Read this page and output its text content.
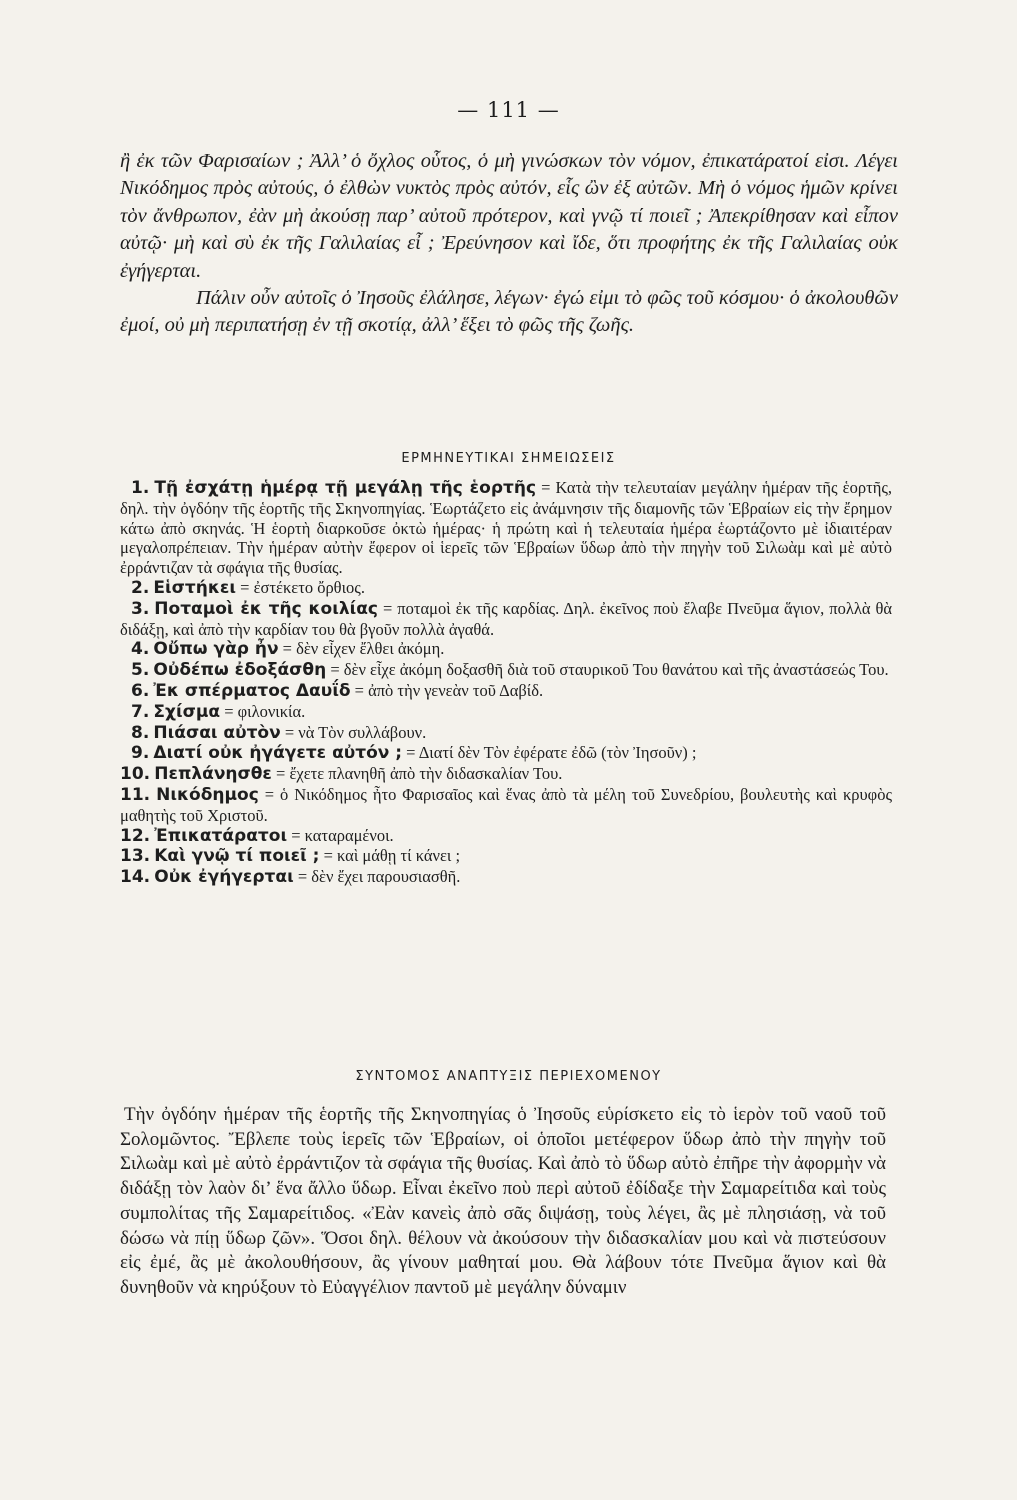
— 111 —

ἢ ἐκ τῶν Φαρισαίων ; Ἀλλ’ ὁ ὄχλος οὗτος, ὁ μὴ γινώσκων τὸν νόμον, ἐπικατάρατοί εἰσι. Λέγει Νικόδημος πρὸς αὐτούς, ὁ ἐλθὼν νυκτὸς πρὸς αὐτόν, εἷς ὢν ἐξ αὐτῶν. Μὴ ὁ νόμος ἡμῶν κρίνει τὸν ἄνθρωπον, ἐὰν μὴ ἀκούσῃ παρ’ αὐτοῦ πρότερον, καὶ γνῷ τί ποιεῖ ; Ἀπεκρίθησαν καὶ εἶπον αὐτῷ· μὴ καὶ σὺ ἐκ τῆς Γαλιλαίας εἶ ; Ἐρεύνησον καὶ ἴδε, ὅτι προφήτης ἐκ τῆς Γαλιλαίας οὐκ ἐγήγερται.

Πάλιν οὖν αὐτοῖς ὁ Ἰησοῦς ἐλάλησε, λέγων· ἐγώ εἰμι τὸ φῶς τοῦ κόσμου· ὁ ἀκολουθῶν ἐμοί, οὐ μὴ περιπατήσῃ ἐν τῇ σκοτίᾳ, ἀλλ’ ἕξει τὸ φῶς τῆς ζωῆς.

ΕΡΜΗΝΕΥΤΙΚΑΙ ΣΗΜΕΙΩΣΕΙΣ

1. Τῇ ἐσχάτῃ ἡμέρᾳ τῇ μεγάλῃ τῆς ἑορτῆς = Κατὰ τὴν τελευταίαν μεγάλην ἡμέραν τῆς ἑορτῆς, δηλ. τὴν ὀγδόην τῆς ἑορτῆς τῆς Σκηνοπηγίας. Ἑωρτάζετο εἰς ἀνάμνησιν τῆς διαμονῆς τῶν Ἑβραίων εἰς τὴν ἔρημον κάτω ἀπὸ σκηνάς. Ἡ ἑορτὴ διαρκοῦσε ὀκτὼ ἡμέρας· ἡ πρώτη καὶ ἡ τελευταία ἡμέρα ἑωρτάζοντο μὲ ἰδιαιτέραν μεγαλοπρέπειαν. Τὴν ἡμέραν αὐτὴν ἔφερον οἱ ἱερεῖς τῶν Ἑβραίων ὕδωρ ἀπὸ τὴν πηγὴν τοῦ Σιλωὰμ καὶ μὲ αὐτὸ ἐρράντιζαν τὰ σφάγια τῆς θυσίας.

2. Εἱστήκει = ἐστέκετο ὄρθιος.

3. Ποταμοὶ ἐκ τῆς κοιλίας = ποταμοὶ ἐκ τῆς καρδίας. Δηλ. ἐκεῖνος ποὺ ἔλαβε Πνεῦμα ἅγιον, πολλὰ θὰ διδάξῃ, καὶ ἀπὸ τὴν καρδίαν του θὰ βγοῦν πολλὰ ἀγαθά.

4. Οὔπω γὰρ ἦν = δὲν εἶχεν ἔλθει ἀκόμη.

5. Οὐδέπω ἐδοξάσθη = δὲν εἶχε ἀκόμη δοξασθῆ διὰ τοῦ σταυρικοῦ Του θανάτου καὶ τῆς ἀναστάσεώς Του.

6. Ἐκ σπέρματος Δαυΐδ = ἀπὸ τὴν γενεὰν τοῦ Δαβίδ.

7. Σχίσμα = φιλονικία.

8. Πιάσαι αὐτὸν = νὰ Τὸν συλλάβουν.

9. Διατί οὐκ ἠγάγετε αὐτόν ; = Διατί δὲν Τὸν ἐφέρατε ἐδῶ (τὸν Ἰησοῦν) ;

10. Πεπλάνησθε = ἔχετε πλανηθῆ ἀπὸ τὴν διδασκαλίαν Του.

11. Νικόδημος = ὁ Νικόδημος ἦτο Φαρισαῖος καὶ ἕνας ἀπὸ τὰ μέλη τοῦ Συνεδρίου, βουλευτὴς καὶ κρυφὸς μαθητὴς τοῦ Χριστοῦ.

12. Ἐπικατάρατοι = καταραμένοι.

13. Καὶ γνῷ τί ποιεῖ ; = καὶ μάθῃ τί κάνει ;

14. Οὐκ ἐγήγερται = δὲν ἔχει παρουσιασθῆ.

ΣΥΝΤΟΜΟΣ ΑΝΑΠΤΥΞΙΣ ΠΕΡΙΕΧΟΜΕΝΟΥ

Τὴν ὀγδόην ἡμέραν τῆς ἑορτῆς τῆς Σκηνοπηγίας ὁ Ἰησοῦς εὑρίσκετο εἰς τὸ ἱερὸν τοῦ ναοῦ τοῦ Σολομῶντος. Ἔβλεπε τοὺς ἱερεῖς τῶν Ἑβραίων, οἱ ὁποῖοι μετέφερον ὕδωρ ἀπὸ τὴν πηγὴν τοῦ Σιλωὰμ καὶ μὲ αὐτὸ ἐρράντιζον τὰ σφάγια τῆς θυσίας. Καὶ ἀπὸ τὸ ὕδωρ αὐτὸ ἐπῆρε τὴν ἀφορμὴν νὰ διδάξῃ τὸν λαὸν δι’ ἕνα ἄλλο ὕδωρ. Εἶναι ἐκεῖνο ποὺ περὶ αὐτοῦ ἐδίδαξε τὴν Σαμαρείτιδα καὶ τοὺς συμπολίτας τῆς Σαμαρείτιδος. «Ἐὰν κανεὶς ἀπὸ σᾶς διψάσῃ, τοὺς λέγει, ἂς μὲ πλησιάσῃ, νὰ τοῦ δώσω νὰ πίῃ ὕδωρ ζῶν». Ὅσοι δηλ. θέλουν νὰ ἀκούσουν τὴν διδασκαλίαν μου καὶ νὰ πιστεύσουν εἰς ἐμέ, ἂς μὲ ἀκολουθήσουν, ἂς γίνουν μαθηταί μου. Θὰ λάβουν τότε Πνεῦμα ἅγιον καὶ θὰ δυνηθοῦν νὰ κηρύξουν τὸ Εὐαγγέλιον παντοῦ μὲ μεγάλην δύναμιν
